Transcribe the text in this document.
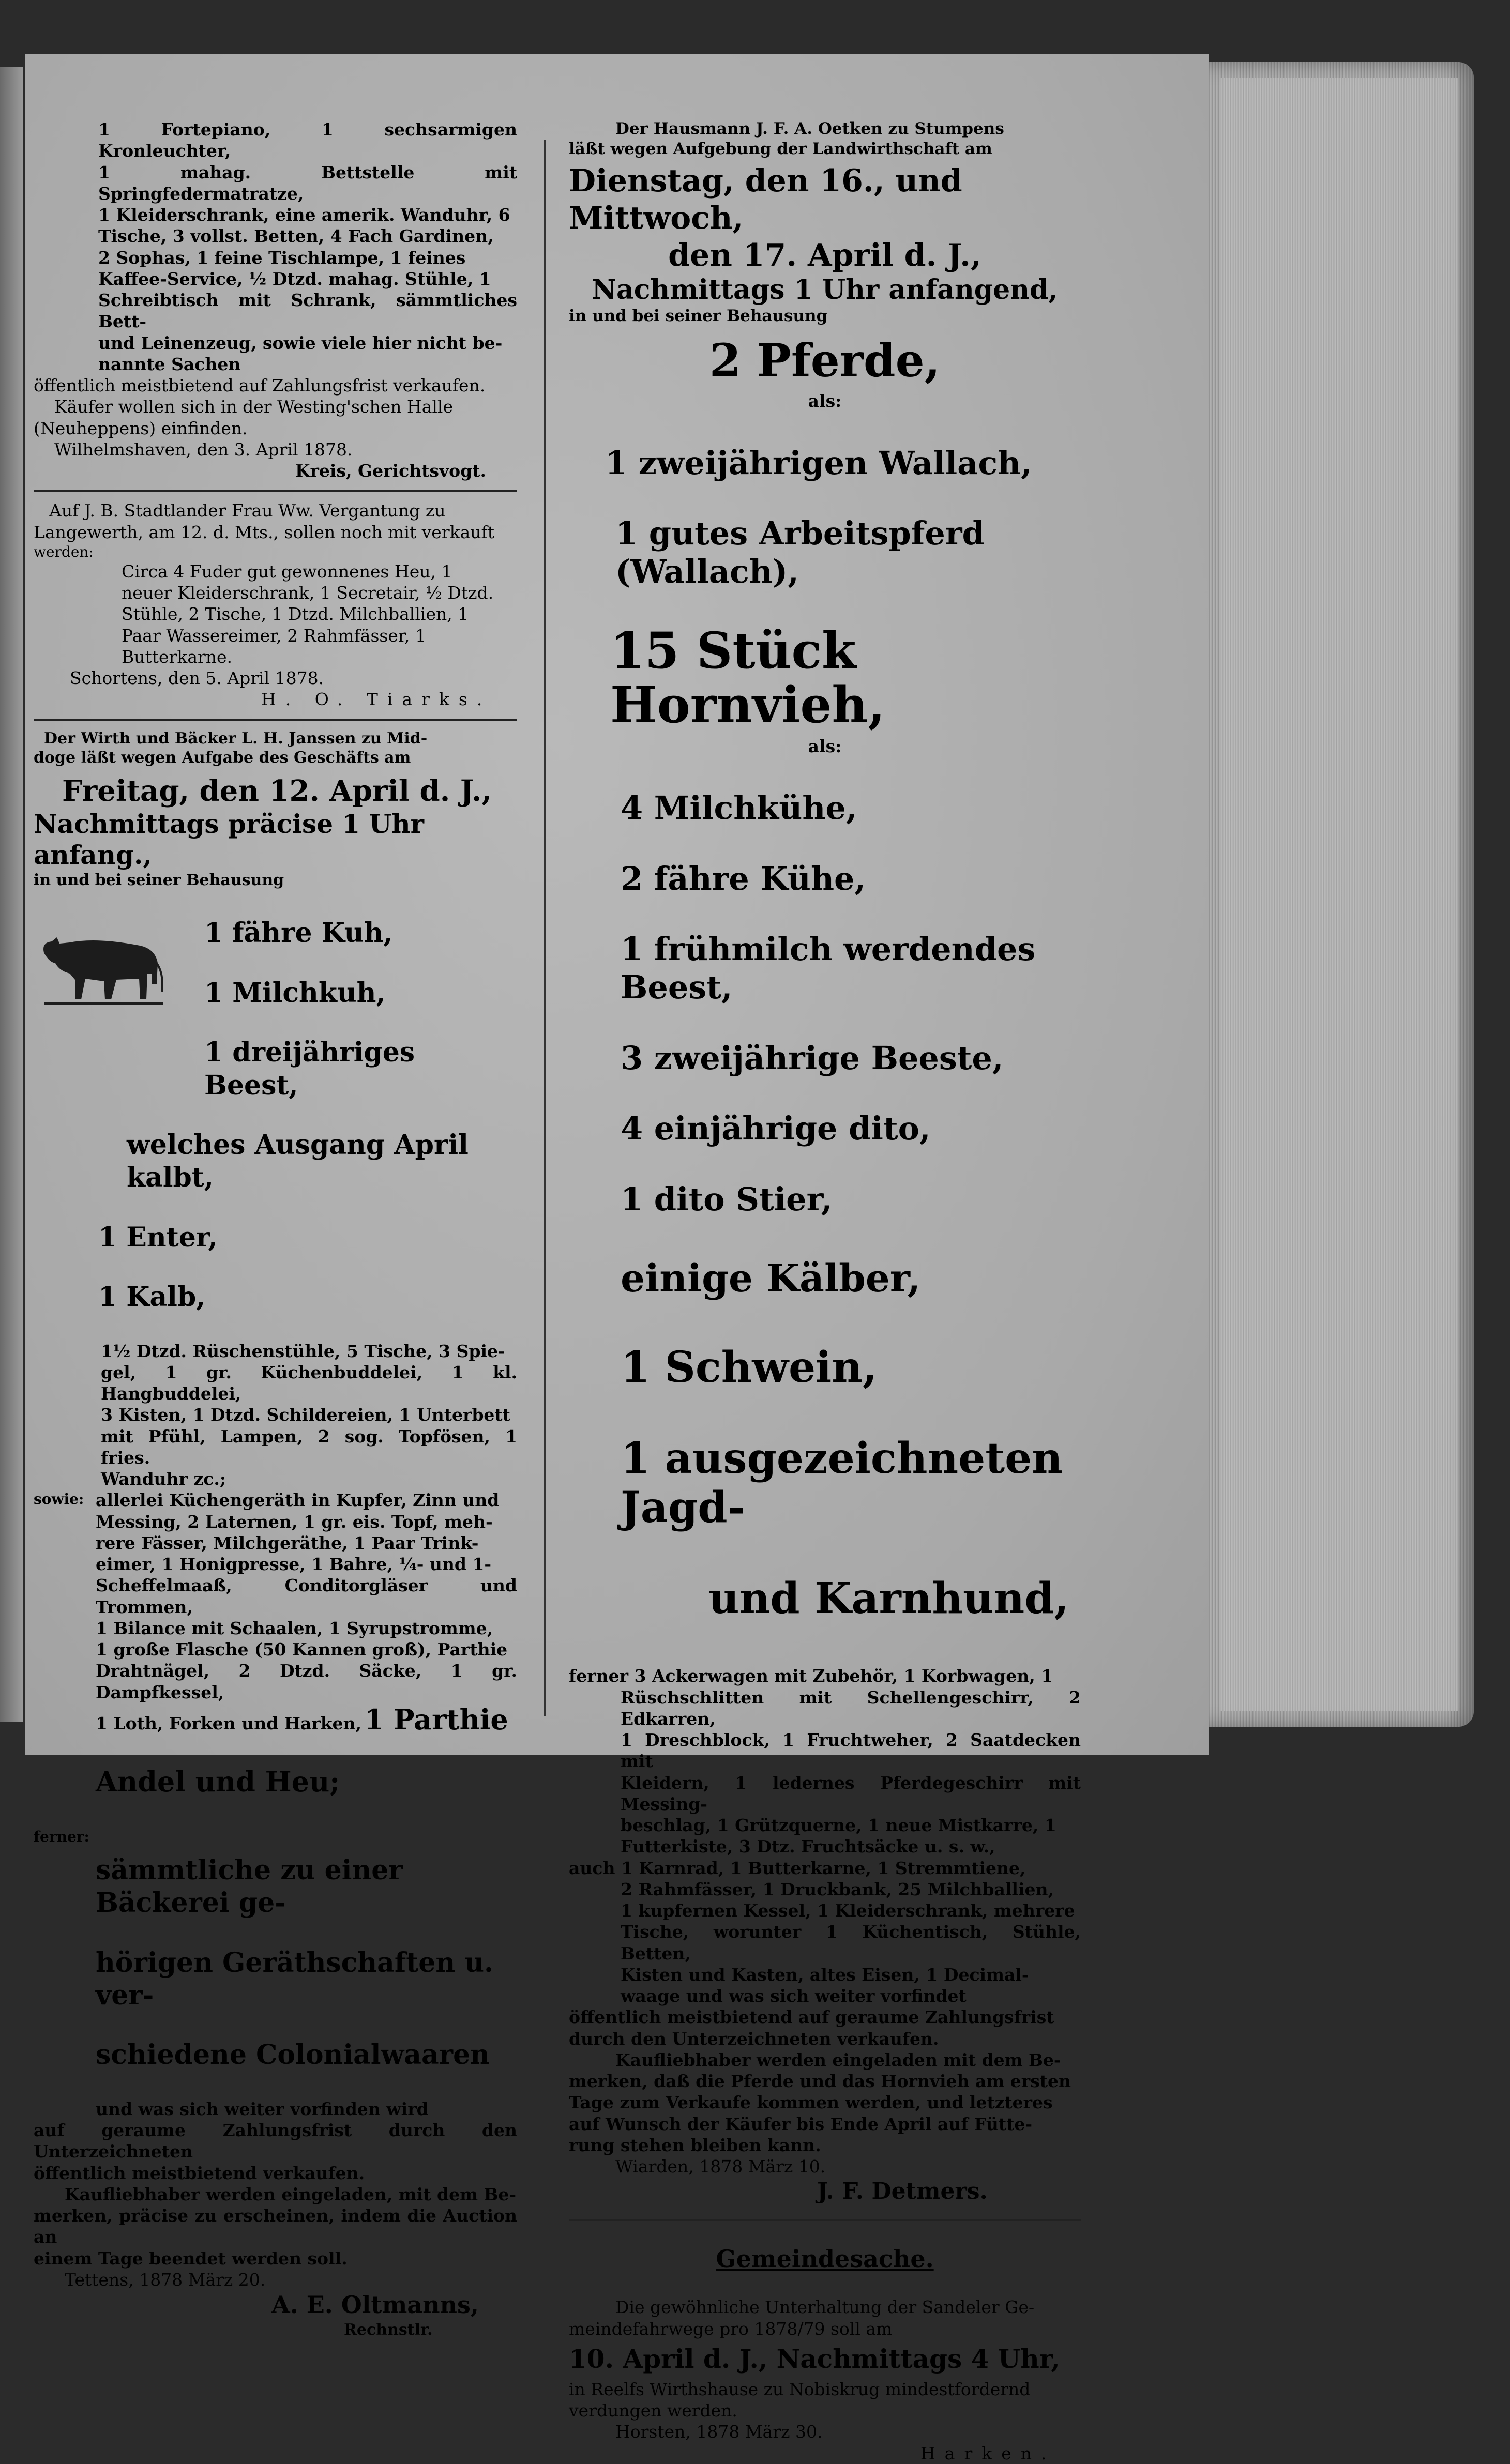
1 Fortepiano, 1 sechsarmigen Kronleuchter,

1 mahag. Bettstelle mit Springfedermatratze,

1 Kleiderschrank, eine amerik. Wanduhr, 6

Tische, 3 vollst. Betten, 4 Fach Gardinen,

2 Sophas, 1 feine Tischlampe, 1 feines

Kaffee-Service, ½ Dtzd. mahag. Stühle, 1

Schreibtisch mit Schrank, sämmtliches Bett-

und Leinenzeug, sowie viele hier nicht be-

nannte Sachen

öffentlich meistbietend auf Zahlungsfrist verkaufen.

Käufer wollen sich in der Westing'schen Halle

(Neuheppens) einfinden.

Wilhelmshaven, den 3. April 1878.

Kreis, Gerichtsvogt.

Auf J. B. Stadtlander Frau Ww. Vergantung zu

Langewerth, am 12. d. Mts., sollen noch mit verkauft

werden:

Circa 4 Fuder gut gewonnenes Heu, 1

neuer Kleiderschrank, 1 Secretair, ½ Dtzd.

Stühle, 2 Tische, 1 Dtzd. Milchballien, 1

Paar Wassereimer, 2 Rahmfässer, 1

Butterkarne.

Schortens, den 5. April 1878.

H. O. Tiarks.

Der Wirth und Bäcker L. H. Janssen zu Mid-

doge läßt wegen Aufgabe des Geschäfts am

Freitag, den 12. April d. J.,

Nachmittags präcise 1 Uhr anfang.,

in und bei seiner Behausung

1 fähre Kuh,

1 Milchkuh,

1 dreijähriges Beest,

welches Ausgang April kalbt,

1 Enter,

1 Kalb,

1½ Dtzd. Rüschenstühle, 5 Tische, 3 Spie-

gel, 1 gr. Küchenbuddelei, 1 kl. Hangbuddelei,

3 Kisten, 1 Dtzd. Schildereien, 1 Unterbett

mit Pfühl, Lampen, 2 sog. Topfösen, 1 fries.

Wanduhr zc.;

sowie: allerlei Küchengeräth in Kupfer, Zinn und

Messing, 2 Laternen, 1 gr. eis. Topf, meh-

rere Fässer, Milchgeräthe, 1 Paar Trink-

eimer, 1 Honigpresse, 1 Bahre, ¼- und 1-

Scheffelmaaß, Conditorgläser und Trommen,

1 Bilance mit Schaalen, 1 Syrupstromme,

1 große Flasche (50 Kannen groß), Parthie

Drahtnägel, 2 Dtzd. Säcke, 1 gr. Dampfkessel,

1 Loth, Forken und Harken, 1 Parthie

Andel und Heu;

ferner:

sämmtliche zu einer Bäckerei ge-

hörigen Geräthschaften u. ver-

schiedene Colonialwaaren

und was sich weiter vorfinden wird

auf geraume Zahlungsfrist durch den Unterzeichneten

öffentlich meistbietend verkaufen.

Kaufliebhaber werden eingeladen, mit dem Be-

merken, präcise zu erscheinen, indem die Auction an

einem Tage beendet werden soll.

Tettens, 1878 März 20.

A. E. Oltmanns,

Rechnstlr.

Der Hausmann J. F. A. Oetken zu Stumpens

läßt wegen Aufgebung der Landwirthschaft am

Dienstag, den 16., und Mittwoch,

den 17. April d. J.,

Nachmittags 1 Uhr anfangend,

in und bei seiner Behausung

2 Pferde,

als:

1 zweijährigen Wallach,

1 gutes Arbeitspferd (Wallach),

15 Stück Hornvieh,

als:

4 Milchkühe,

2 fähre Kühe,

1 frühmilch werdendes Beest,

3 zweijährige Beeste,

4 einjährige dito,

1 dito Stier,

einige Kälber,

1 Schwein,

1 ausgezeichneten Jagd-

und Karnhund,

ferner 3 Ackerwagen mit Zubehör, 1 Korbwagen, 1

Rüschschlitten mit Schellengeschirr, 2 Edkarren,

1 Dreschblock, 1 Fruchtweher, 2 Saatdecken mit

Kleidern, 1 ledernes Pferdegeschirr mit Messing-

beschlag, 1 Grützquerne, 1 neue Mistkarre, 1

Futterkiste, 3 Dtz. Fruchtsäcke u. s. w.,

auch 1 Karnrad, 1 Butterkarne, 1 Stremmtiene,

2 Rahmfässer, 1 Druckbank, 25 Milchballien,

1 kupfernen Kessel, 1 Kleiderschrank, mehrere

Tische, worunter 1 Küchentisch, Stühle, Betten,

Kisten und Kasten, altes Eisen, 1 Decimal-

waage und was sich weiter vorfindet

öffentlich meistbietend auf geraume Zahlungsfrist

durch den Unterzeichneten verkaufen.

Kaufliebhaber werden eingeladen mit dem Be-

merken, daß die Pferde und das Hornvieh am ersten

Tage zum Verkaufe kommen werden, und letzteres

auf Wunsch der Käufer bis Ende April auf Fütte-

rung stehen bleiben kann.

Wiarden, 1878 März 10.

J. F. Detmers.

Gemeindesache.

Die gewöhnliche Unterhaltung der Sandeler Ge-

meindefahrwege pro 1878/79 soll am

10. April d. J., Nachmittags 4 Uhr,

in Reelfs Wirthshause zu Nobiskrug mindestfordernd

verdungen werden.

Horsten, 1878 März 30.

Harken.
